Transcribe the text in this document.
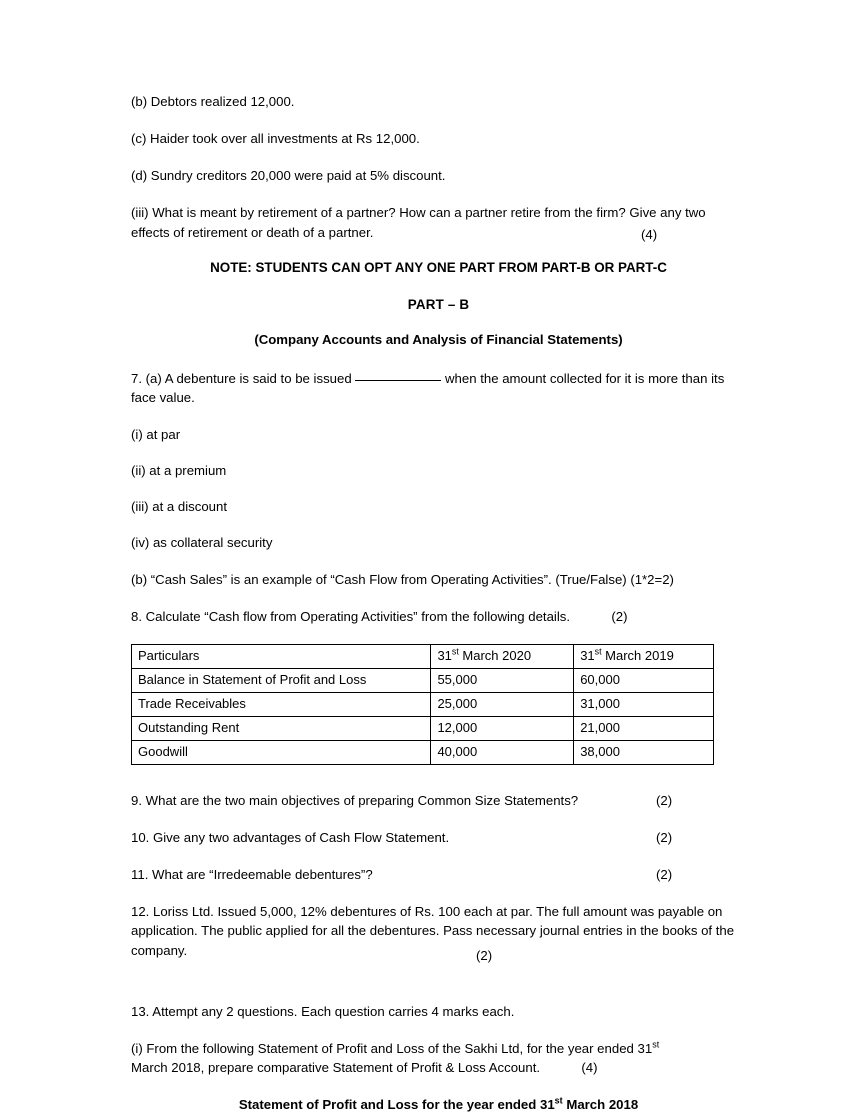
(b) Debtors realized 12,000.

(c) Haider took over all investments at Rs 12,000.

(d) Sundry creditors 20,000 were paid at 5% discount.

(iii) What is meant by retirement of a partner? How can a partner retire from the firm? Give any two effects of retirement or death of a partner.	(4)

NOTE: STUDENTS CAN OPT ANY ONE PART FROM PART-B OR PART-C

PART – B

(Company Accounts and Analysis of Financial Statements)

7. (a) A debenture is said to be issued	when the amount collected for it is more than its face value.

(i) at par

(ii) at a premium

(iii) at a discount

(iv) as collateral security

(b) “Cash Sales” is an example of “Cash Flow from Operating Activities”. (True/False) (1*2=2)

8. Calculate “Cash flow from Operating Activities” from the following details.	(2)
Particulars	31st March 2020	31st March 2019
Balance in Statement of Profit and Loss	55,000	60,000
Trade Receivables	25,000	31,000
Outstanding Rent	12,000	21,000
Goodwill	40,000	38,000
9. What are the two main objectives of preparing Common Size Statements?	(2)
10. Give any two advantages of Cash Flow Statement.	(2)
11. What are “Irredeemable debentures”?	(2)
12. Loriss Ltd. Issued 5,000, 12% debentures of Rs. 100 each at par. The full amount was payable on application. The public applied for all the debentures. Pass necessary journal entries in the books of the company.	(2)

13. Attempt any 2 questions. Each question carries 4 marks each.

(i) From the following Statement of Profit and Loss of the Sakhi Ltd, for the year ended 31st
March 2018, prepare comparative Statement of Profit & Loss Account.	(4)

Statement of Profit and Loss for the year ended 31st March 2018
